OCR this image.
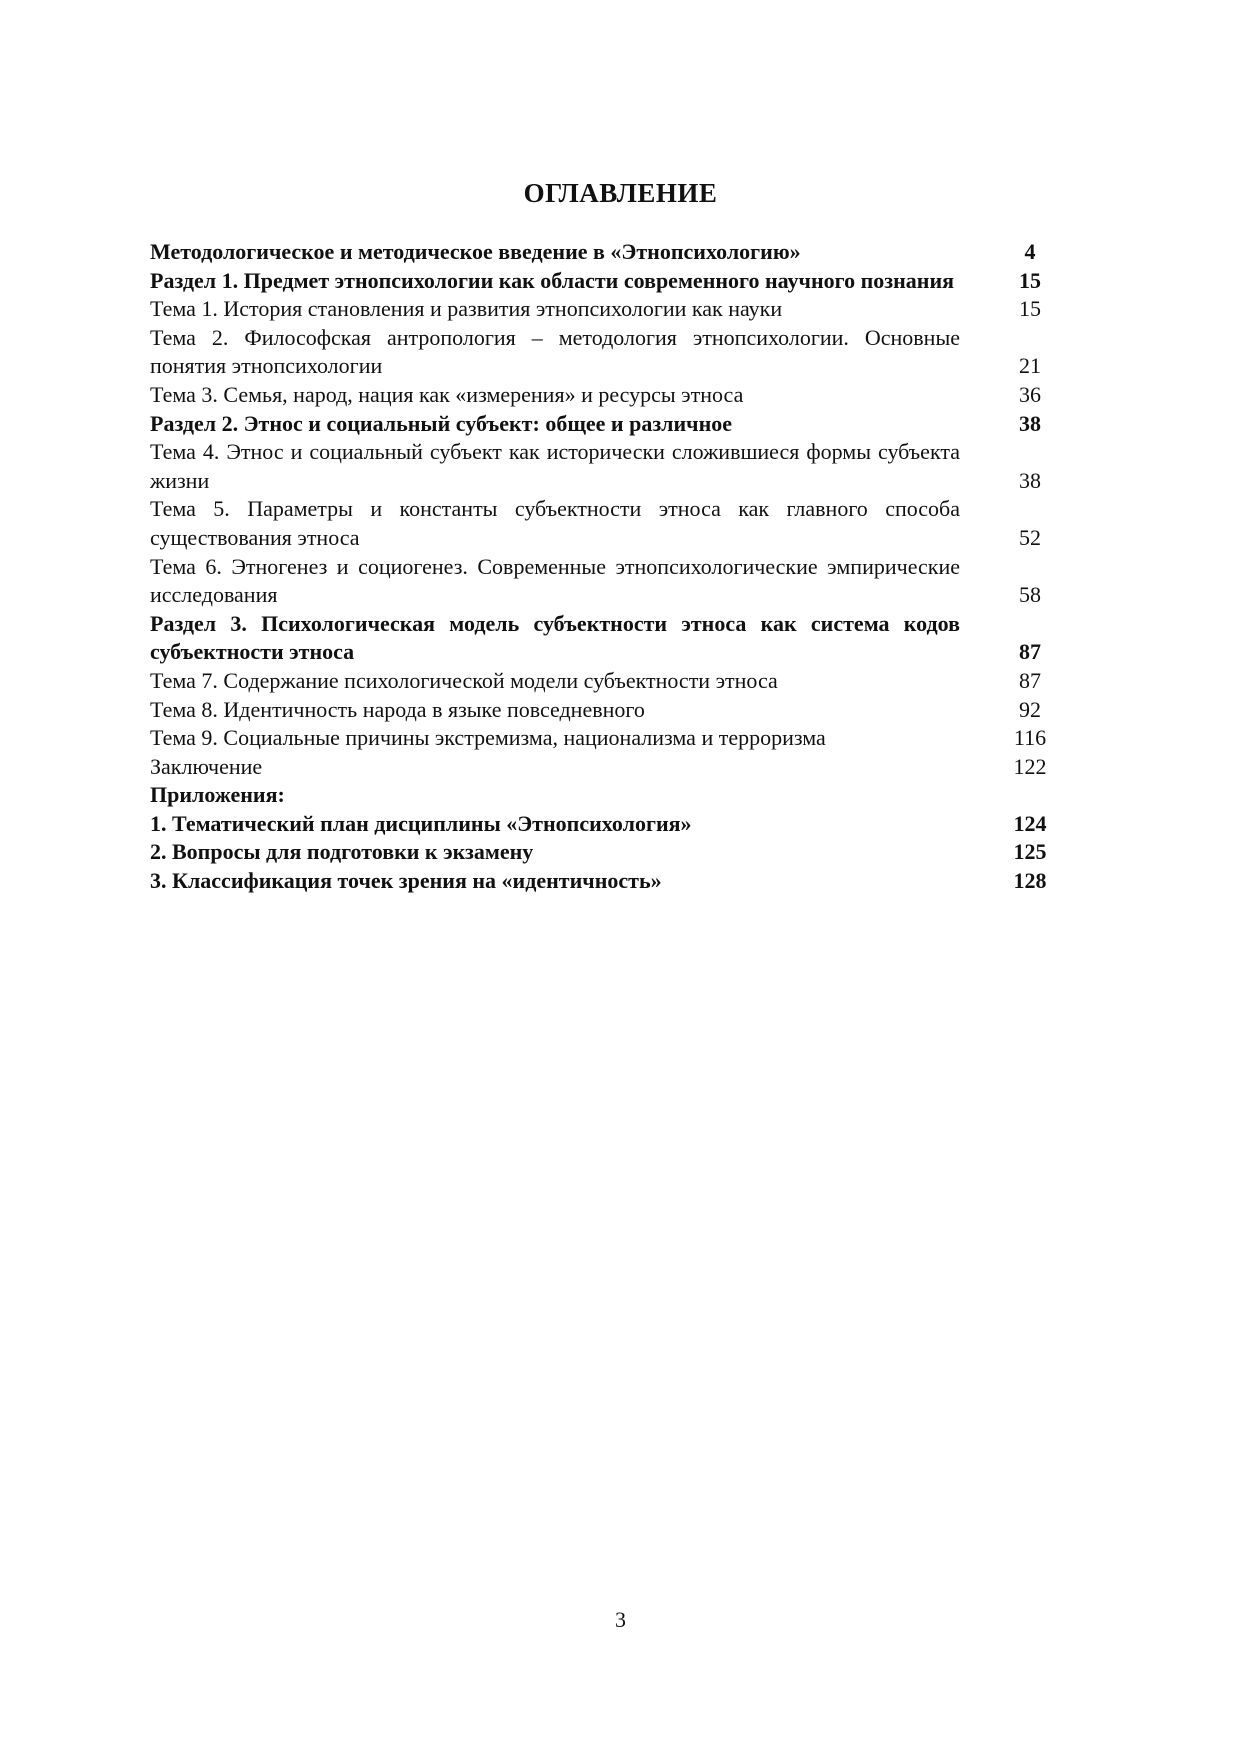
ОГЛАВЛЕНИЕ
Методологическое и методическое введение в «Этнопсихологию»	4
Раздел 1. Предмет этнопсихологии как области современного научного познания	15
Тема 1. История становления и развития этнопсихологии как науки	15
Тема 2. Философская антропология – методология этнопсихологии. Основные понятия этнопсихологии	21
Тема 3. Семья, народ, нация как «измерения» и ресурсы этноса	36
Раздел 2. Этнос и социальный субъект: общее и различное	38
Тема 4. Этнос и социальный субъект как исторически сложившиеся формы субъекта жизни	38
Тема 5. Параметры и константы субъектности этноса как главного способа существования этноса	52
Тема 6. Этногенез и социогенез. Современные этнопсихологические эмпирические исследования	58
Раздел 3. Психологическая модель субъектности этноса как система кодов субъектности этноса	87
Тема 7. Содержание психологической модели субъектности этноса	87
Тема 8. Идентичность народа в языке повседневного	92
Тема 9. Социальные причины экстремизма, национализма и терроризма	116
Заключение	122
Приложения:
1. Тематический план дисциплины «Этнопсихология»	124
2. Вопросы для подготовки к экзамену	125
3. Классификация точек зрения на «идентичность»	128
3
